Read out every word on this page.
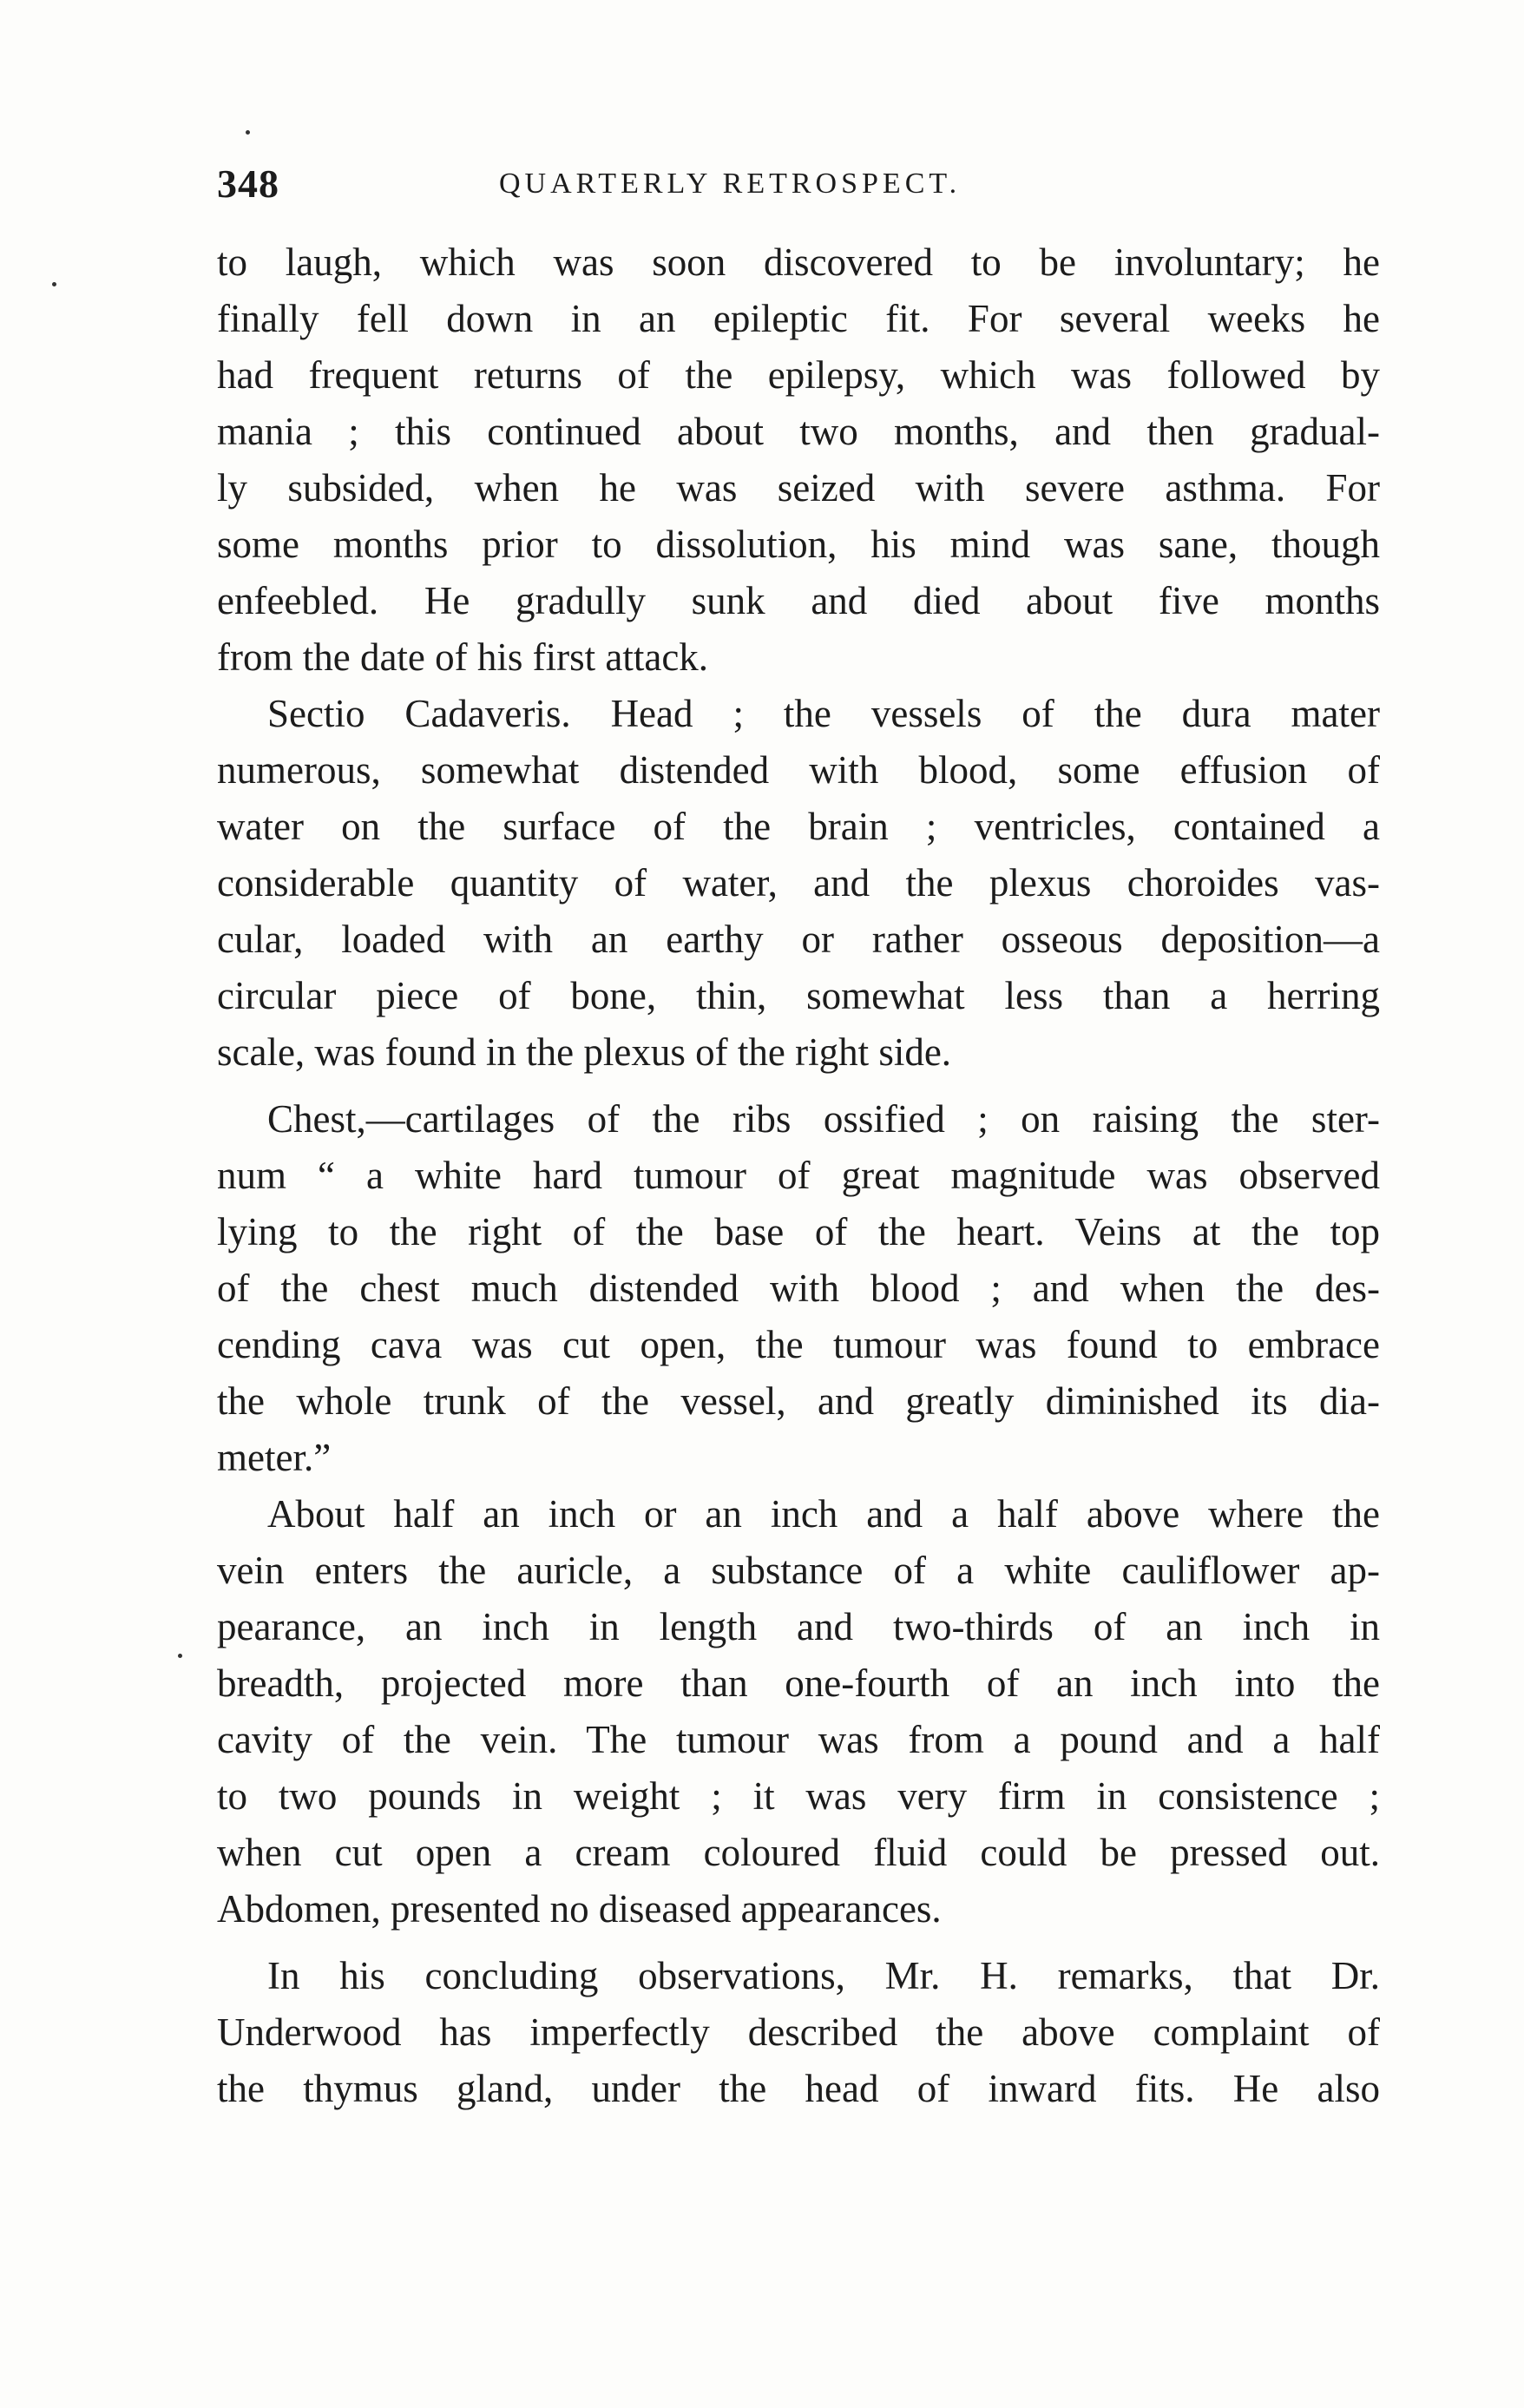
348	QUARTERLY RETROSPECT.
to laugh, which was soon discovered to be involuntary; he
finally fell down in an epileptic fit. For several weeks he
had frequent returns of the epilepsy, which was followed by
mania ; this continued about two months, and then gradual-
ly subsided, when he was seized with severe asthma. For
some months prior to dissolution, his mind was sane, though
enfeebled. He gradully sunk and died about five months
from the date of his first attack.
Sectio Cadaveris. Head ; the vessels of the dura mater
numerous, somewhat distended with blood, some effusion of
water on the surface of the brain ; ventricles, contained a
considerable quantity of water, and the plexus choroides vas-
cular, loaded with an earthy or rather osseous deposition—a
circular piece of bone, thin, somewhat less than a herring
scale, was found in the plexus of the right side.
Chest,—cartilages of the ribs ossified ; on raising the ster-
num “ a white hard tumour of great magnitude was observed
lying to the right of the base of the heart. Veins at the top
of the chest much distended with blood ; and when the des-
cending cava was cut open, the tumour was found to embrace
the whole trunk of the vessel, and greatly diminished its dia-
meter.”
About half an inch or an inch and a half above where the
vein enters the auricle, a substance of a white cauliflower ap-
pearance, an inch in length and two-thirds of an inch in
breadth, projected more than one-fourth of an inch into the
cavity of the vein. The tumour was from a pound and a half
to two pounds in weight ; it was very firm in consistence ;
when cut open a cream coloured fluid could be pressed out.
Abdomen, presented no diseased appearances.
In his concluding observations, Mr. H. remarks, that Dr.
Underwood has imperfectly described the above complaint of
the thymus gland, under the head of inward fits. He also
